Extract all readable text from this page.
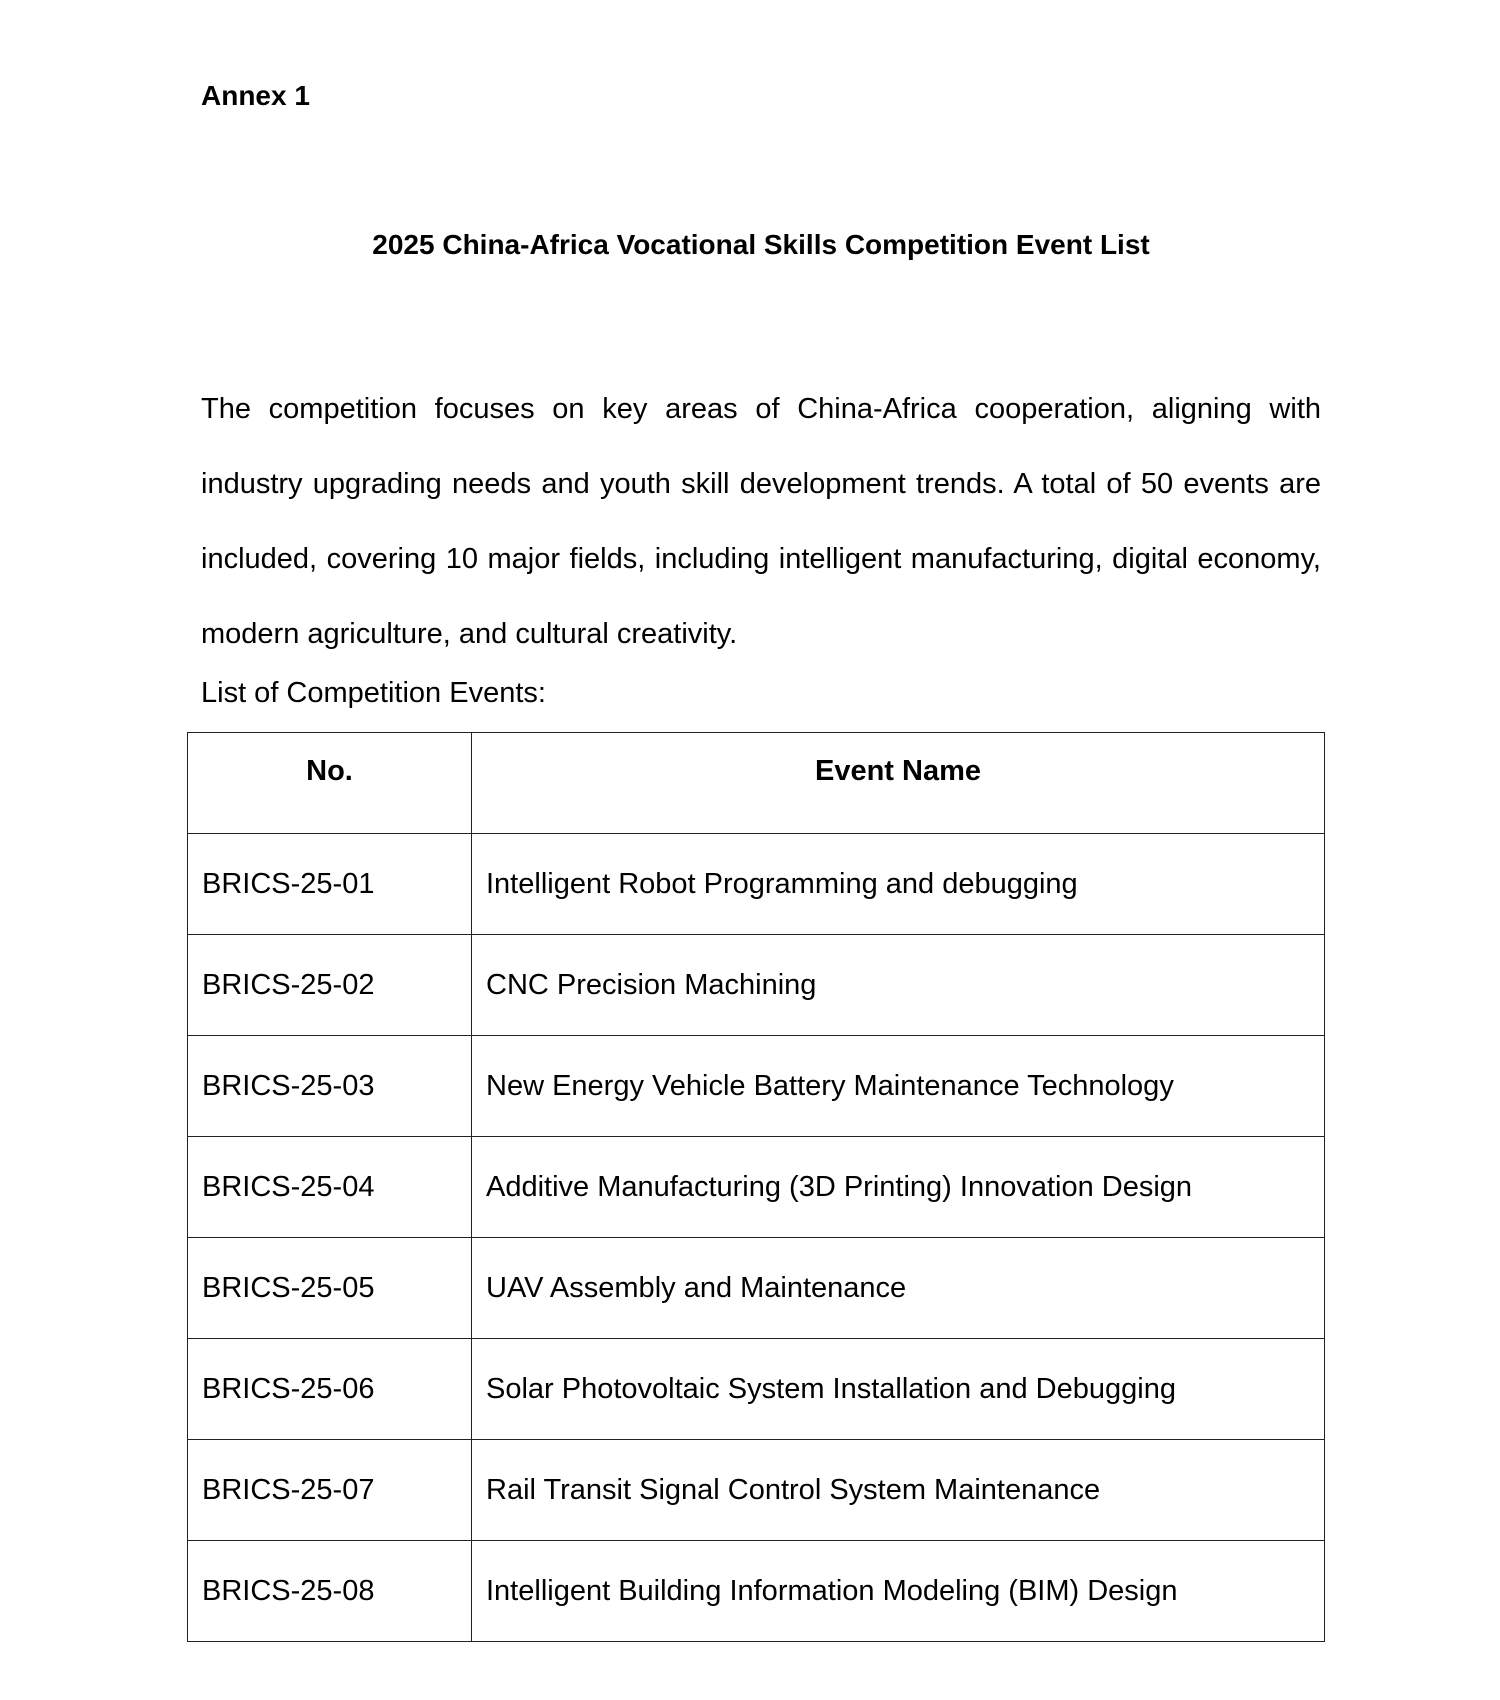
Annex 1
2025 China-Africa Vocational Skills Competition Event List

The competition focuses on key areas of China-Africa cooperation, aligning with industry upgrading needs and youth skill development trends. A total of 50 events are included, covering 10 major fields, including intelligent manufacturing, digital economy, modern agriculture, and cultural creativity.

List of Competition Events:
No.	Event Name
BRICS-25-01	Intelligent Robot Programming and debugging
BRICS-25-02	CNC Precision Machining
BRICS-25-03	New Energy Vehicle Battery Maintenance Technology
BRICS-25-04	Additive Manufacturing (3D Printing) Innovation Design
BRICS-25-05	UAV Assembly and Maintenance
BRICS-25-06	Solar Photovoltaic System Installation and Debugging
BRICS-25-07	Rail Transit Signal Control System Maintenance
BRICS-25-08	Intelligent Building Information Modeling (BIM) Design
